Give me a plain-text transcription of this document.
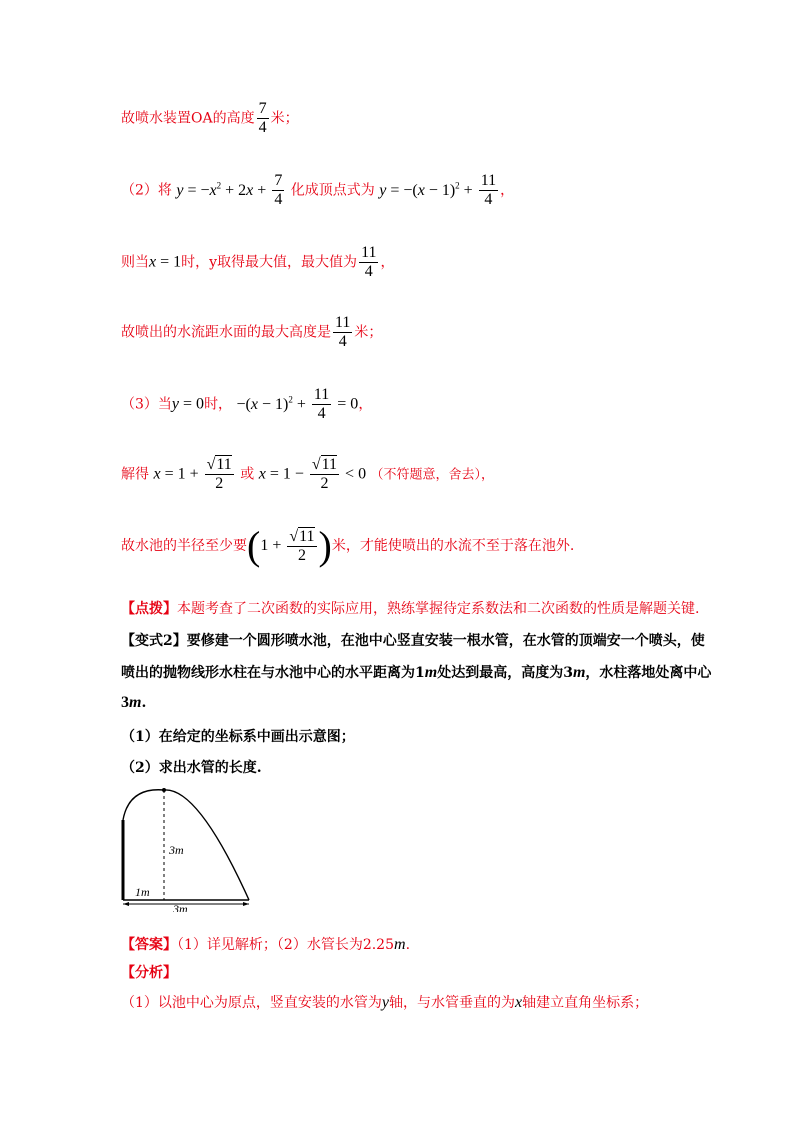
故喷水装置OA的高度 $\frac{7}{4}$ 米；
（2）将 $y = -x^2 + 2x + \frac{7}{4}$ 化成顶点式为 $y = -(x - 1)^2 + \frac{11}{4}$ ，
则当x = 1时，y取得最大值，最大值为 $\frac{11}{4}$ ，
故喷出的水流距水面的最大高度是 $\frac{11}{4}$ 米；
（3）当y = 0时， $-(x - 1)^2 + \frac{11}{4} = 0$，
解得 $x = 1 + \frac{√11}{2}$ 或 $x = 1 - \frac{√11}{2} < 0$ （不符题意，舍去），
故水池的半径至少要($1 + \frac{√11}{2}$ )米，才能使喷出的水流不至于落在池外.
【点拨】本题考查了二次函数的实际应用，熟练掌握待定系数法和二次函数的性质是解题关键.
【变式2】要修建一个圆形喷水池，在池中心竖直安装一根水管，在水管的顶端安一个喷头，使
喷出的抛物线形水柱在与水池中心的水平距离为1m处达到最高，高度为3m，水柱落地处离中心
3m.
（1）在给定的坐标系中画出示意图；
（2）求出水管的长度.
3m
1m
3m
【答案】（1）详见解析；（2）水管长为2.25m.
【分析】
（1）以池中心为原点，竖直安装的水管为y轴，与水管垂直的为x轴建立直角坐标系；
